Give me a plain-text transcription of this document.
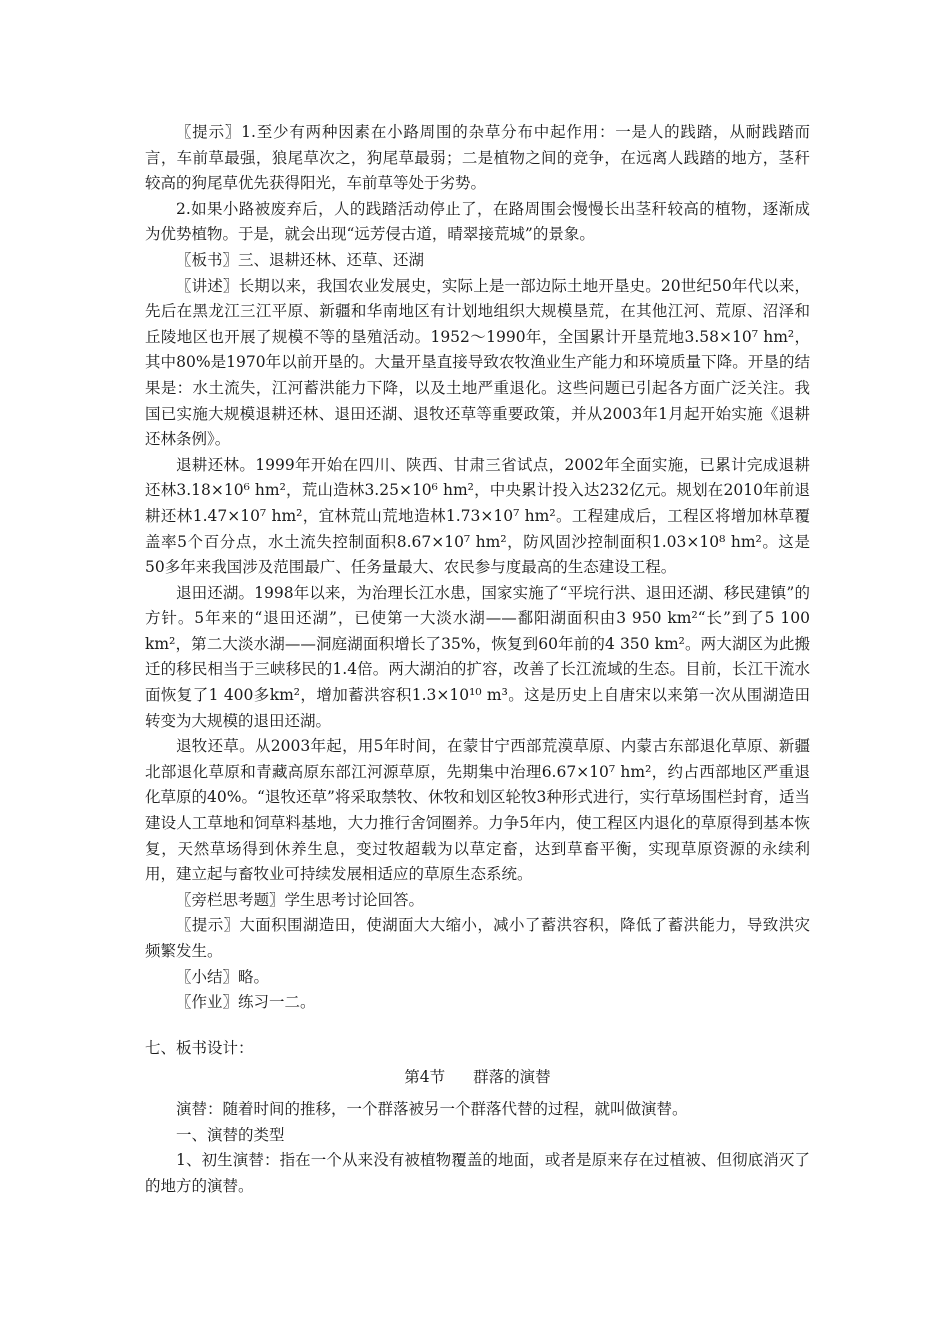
〖提示〗1.至少有两种因素在小路周围的杂草分布中起作用：一是人的践踏，从耐践踏而言，车前草最强，狼尾草次之，狗尾草最弱；二是植物之间的竞争，在远离人践踏的地方，茎秆较高的狗尾草优先获得阳光，车前草等处于劣势。

2.如果小路被废弃后，人的践踏活动停止了，在路周围会慢慢长出茎秆较高的植物，逐渐成为优势植物。于是，就会出现“远芳侵古道，晴翠接荒城”的景象。

〖板书〗三、退耕还林、还草、还湖

〖讲述〗长期以来，我国农业发展史，实际上是一部边际土地开垦史。20世纪50年代以来，先后在黑龙江三江平原、新疆和华南地区有计划地组织大规模垦荒，在其他江河、荒原、沼泽和丘陵地区也开展了规模不等的垦殖活动。1952～1990年，全国累计开垦荒地3.58×10⁷ hm²，其中80%是1970年以前开垦的。大量开垦直接导致农牧渔业生产能力和环境质量下降。开垦的结果是：水土流失，江河蓄洪能力下降，以及土地严重退化。这些问题已引起各方面广泛关注。我国已实施大规模退耕还林、退田还湖、退牧还草等重要政策，并从2003年1月起开始实施《退耕还林条例》。

退耕还林。1999年开始在四川、陕西、甘肃三省试点，2002年全面实施，已累计完成退耕还林3.18×10⁶ hm²，荒山造林3.25×10⁶ hm²，中央累计投入达232亿元。规划在2010年前退耕还林1.47×10⁷ hm²，宜林荒山荒地造林1.73×10⁷ hm²。工程建成后，工程区将增加林草覆盖率5个百分点，水土流失控制面积8.67×10⁷ hm²，防风固沙控制面积1.03×10⁸ hm²。这是50多年来我国涉及范围最广、任务量最大、农民参与度最高的生态建设工程。

退田还湖。1998年以来，为治理长江水患，国家实施了“平垸行洪、退田还湖、移民建镇”的方针。5年来的“退田还湖”，已使第一大淡水湖——鄱阳湖面积由3 950 km²“长”到了5 100 km²，第二大淡水湖——洞庭湖面积增长了35%，恢复到60年前的4 350 km²。两大湖区为此搬迁的移民相当于三峡移民的1.4倍。两大湖泊的扩容，改善了长江流域的生态。目前，长江干流水面恢复了1 400多km²，增加蓄洪容积1.3×10¹⁰ m³。这是历史上自唐宋以来第一次从围湖造田转变为大规模的退田还湖。

退牧还草。从2003年起，用5年时间，在蒙甘宁西部荒漠草原、内蒙古东部退化草原、新疆北部退化草原和青藏高原东部江河源草原，先期集中治理6.67×10⁷ hm²，约占西部地区严重退化草原的40%。“退牧还草”将采取禁牧、休牧和划区轮牧3种形式进行，实行草场围栏封育，适当建设人工草地和饲草料基地，大力推行舍饲圈养。力争5年内，使工程区内退化的草原得到基本恢复，天然草场得到休养生息，变过牧超载为以草定畜，达到草畜平衡，实现草原资源的永续利用，建立起与畜牧业可持续发展相适应的草原生态系统。

〖旁栏思考题〗学生思考讨论回答。

〖提示〗大面积围湖造田，使湖面大大缩小，减小了蓄洪容积，降低了蓄洪能力，导致洪灾频繁发生。

〖小结〗略。

〖作业〗练习一二。

七、板书设计：

第4节 群落的演替

演替：随着时间的推移，一个群落被另一个群落代替的过程，就叫做演替。

一、演替的类型

1、初生演替：指在一个从来没有被植物覆盖的地面，或者是原来存在过植被、但彻底消灭了的地方的演替。
